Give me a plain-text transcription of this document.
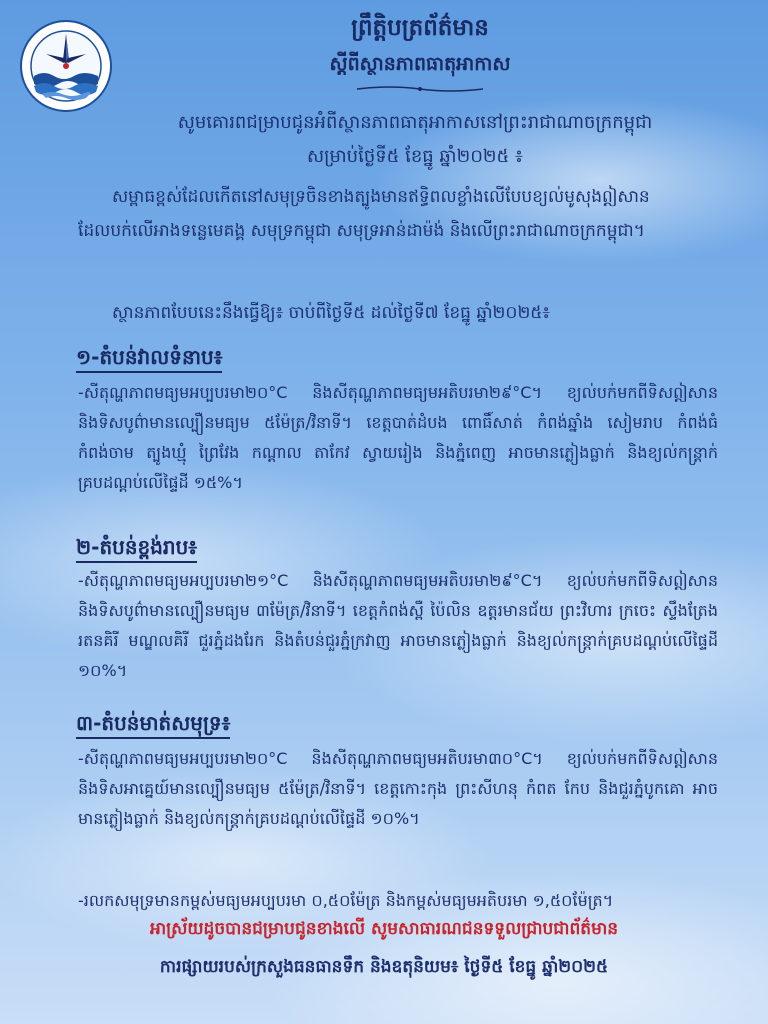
ព្រឹត្តិបត្រព័ត៌មាន
ស្តីពីស្ថានភាពធាតុអាកាស
សូមគោរពជម្រាបជូនអំពីស្ថានភាពធាតុអាកាសនៅព្រះរាជាណាចក្រកម្ពុជា
សម្រាប់ថ្ងៃទី៥ ខែធ្នូ ឆ្នាំ២០២៥ ៖
សម្ពាធខ្ពស់ដែលកើតនៅសមុទ្រចិនខាងត្បូងមានឥទ្ធិពលខ្លាំងលើបែបខ្យល់មូសុងឦសាន ដែលបក់លើអាងទន្លេមេគង្គ សមុទ្រកម្ពុជា សមុទ្រអាន់ដាម៉ង់ និងលើព្រះរាជាណាចក្រកម្ពុជា។
ស្ថានភាពបែបនេះនឹងធ្វើឱ្យ៖ ចាប់ពីថ្ងៃទី៥ ដល់ថ្ងៃទី៧ ខែធ្នូ ឆ្នាំ២០២៥៖
១-តំបន់វាលទំនាប៖
-សីតុណ្ហភាពមធ្យមអប្បបរមា២០°C និងសីតុណ្ហភាពមធ្យមអតិបរមា២៩°C។ ខ្យល់បក់មកពីទិសឦសាន និងទិសបូព៌ាមានល្បឿនមធ្យម ៥ម៉ែត្រ/វិនាទី។ ខេត្តបាត់ដំបង ពោធិ៍សាត់ កំពង់ឆ្នាំង សៀមរាប កំពង់ធំ កំពង់ចាម ត្បូងឃ្មុំ ព្រៃវែង កណ្តាល តាកែវ ស្វាយរៀង និងភ្នំពេញ អាចមានភ្លៀងធ្លាក់ និងខ្យល់កន្ត្រាក់គ្របដណ្តប់លើផ្ទៃដី ១៥%។
២-តំបន់ខ្ពង់រាប៖
-សីតុណ្ហភាពមធ្យមអប្បបរមា២១°C និងសីតុណ្ហភាពមធ្យមអតិបរមា២៩°C។ ខ្យល់បក់មកពីទិសឦសាន និងទិសបូព៌ាមានល្បឿនមធ្យម ៣ម៉ែត្រ/វិនាទី។ ខេត្តកំពង់ស្ពឺ ប៉ៃលិន ឧត្តរមានជ័យ ព្រះវិហារ ក្រចេះ ស្ទឹងត្រែង រតនគិរី មណ្ឌលគិរី ជួរភ្នំដងរែក និងតំបន់ជួរភ្នំក្រវាញ អាចមានភ្លៀងធ្លាក់ និងខ្យល់កន្ត្រាក់គ្របដណ្តប់លើផ្ទៃដី ១០%។
៣-តំបន់មាត់សមុទ្រ៖
-សីតុណ្ហភាពមធ្យមអប្បបរមា២០°C និងសីតុណ្ហភាពមធ្យមអតិបរមា៣០°C។ ខ្យល់បក់មកពីទិសឦសាន និងទិសអាគ្នេយ៍មានល្បឿនមធ្យម ៥ម៉ែត្រ/វិនាទី។ ខេត្តកោះកុង ព្រះសីហនុ កំពត កែប និងជួរភ្នំបូកគោ អាចមានភ្លៀងធ្លាក់ និងខ្យល់កន្ត្រាក់គ្របដណ្តប់លើផ្ទៃដី ១០%។
-រលកសមុទ្រមានកម្ពស់មធ្យមអប្បបរមា ០,៥០ម៉ែត្រ និងកម្ពស់មធ្យមអតិបរមា ១,៥០ម៉ែត្រ។
អាស្រ័យដូចបានជម្រាបជូនខាងលើ សូមសាធារណជនទទួលជ្រាបជាព័ត៌មាន
ការផ្សាយរបស់ក្រសួងធនធានទឹក និងឧតុនិយម៖ ថ្ងៃទី៥ ខែធ្នូ ឆ្នាំ២០២៥
